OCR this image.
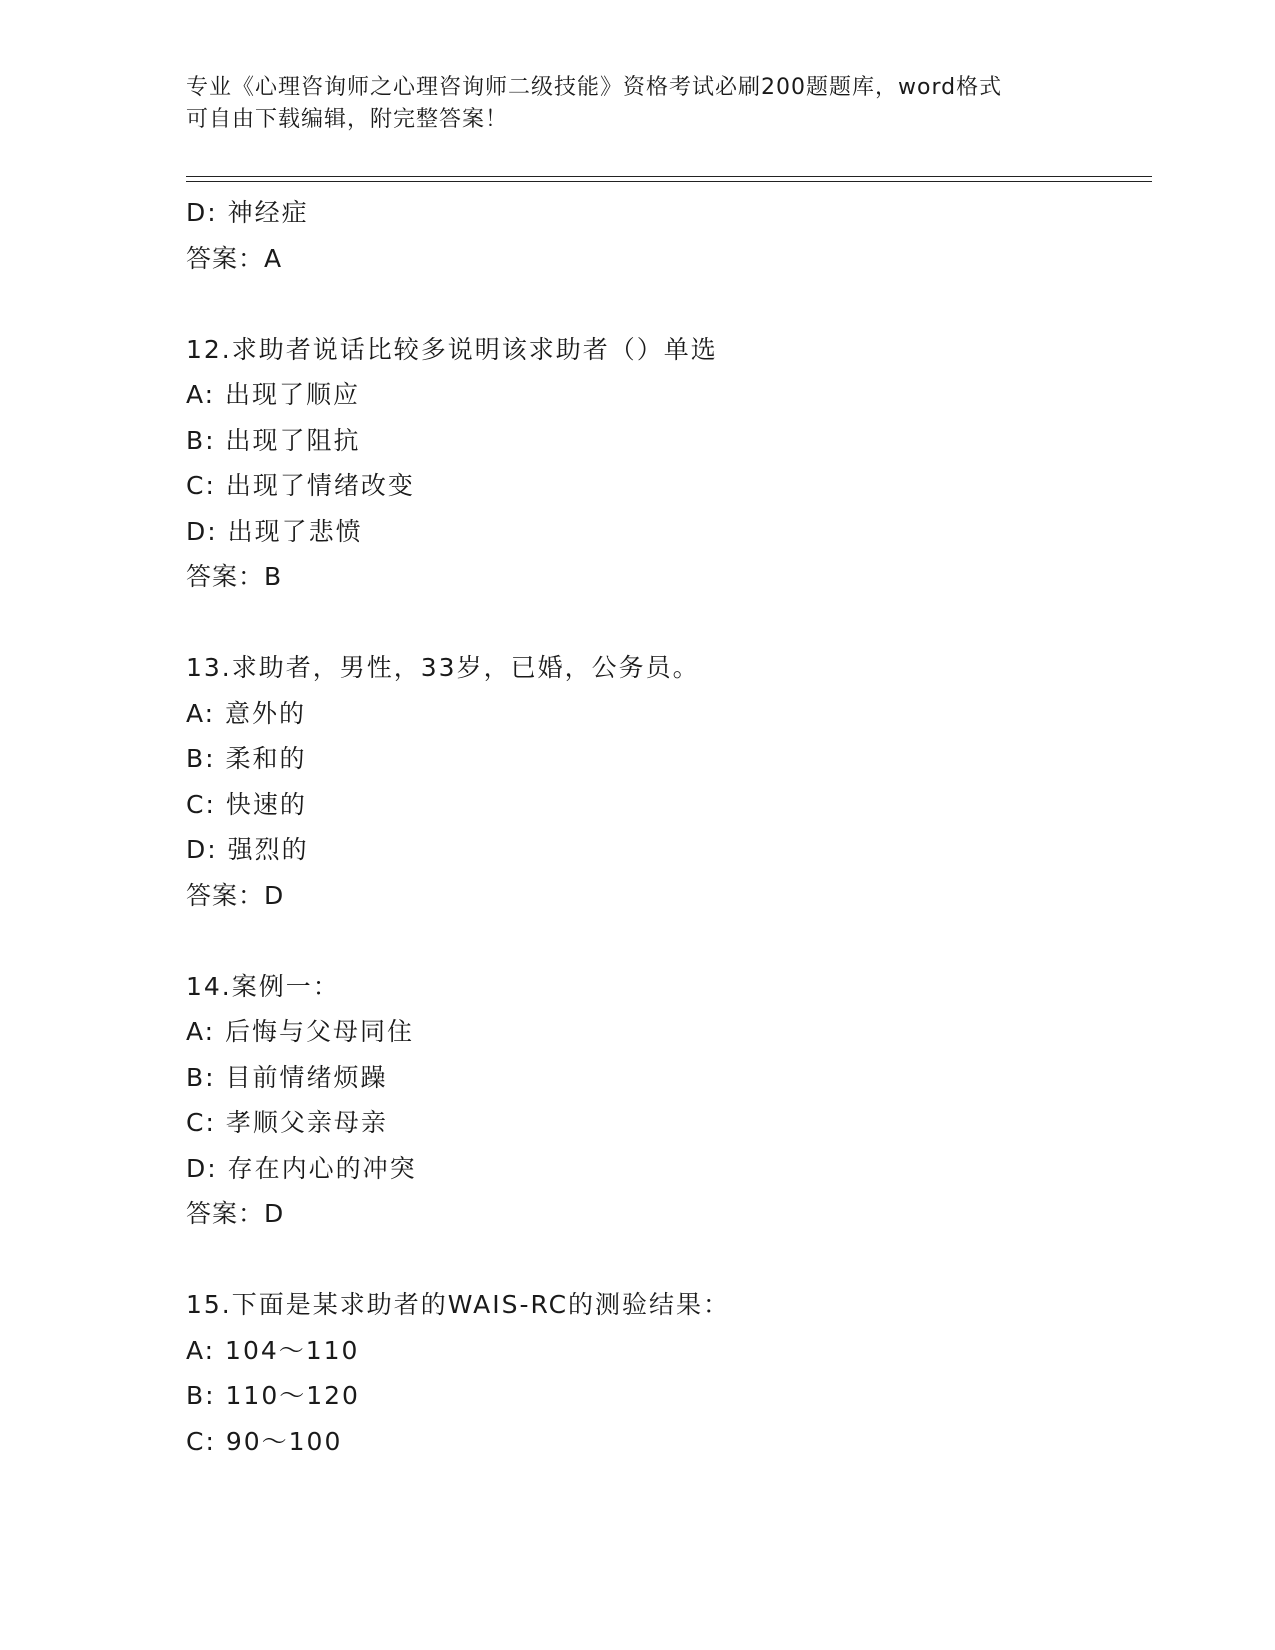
专业《心理咨询师之心理咨询师二级技能》资格考试必刷200题题库，word格式
可自由下载编辑，附完整答案！
D: 神经症
答案：A
12.求助者说话比较多说明该求助者（）单选
A: 出现了顺应
B: 出现了阻抗
C: 出现了情绪改变
D: 出现了悲愤
答案：B
13.求助者，男性，33岁，已婚，公务员。
A: 意外的
B: 柔和的
C: 快速的
D: 强烈的
答案：D
14.案例一：
A: 后悔与父母同住
B: 目前情绪烦躁
C: 孝顺父亲母亲
D: 存在内心的冲突
答案：D
15.下面是某求助者的WAIS-RC的测验结果：
A: 104～110
B: 110～120
C: 90～100
